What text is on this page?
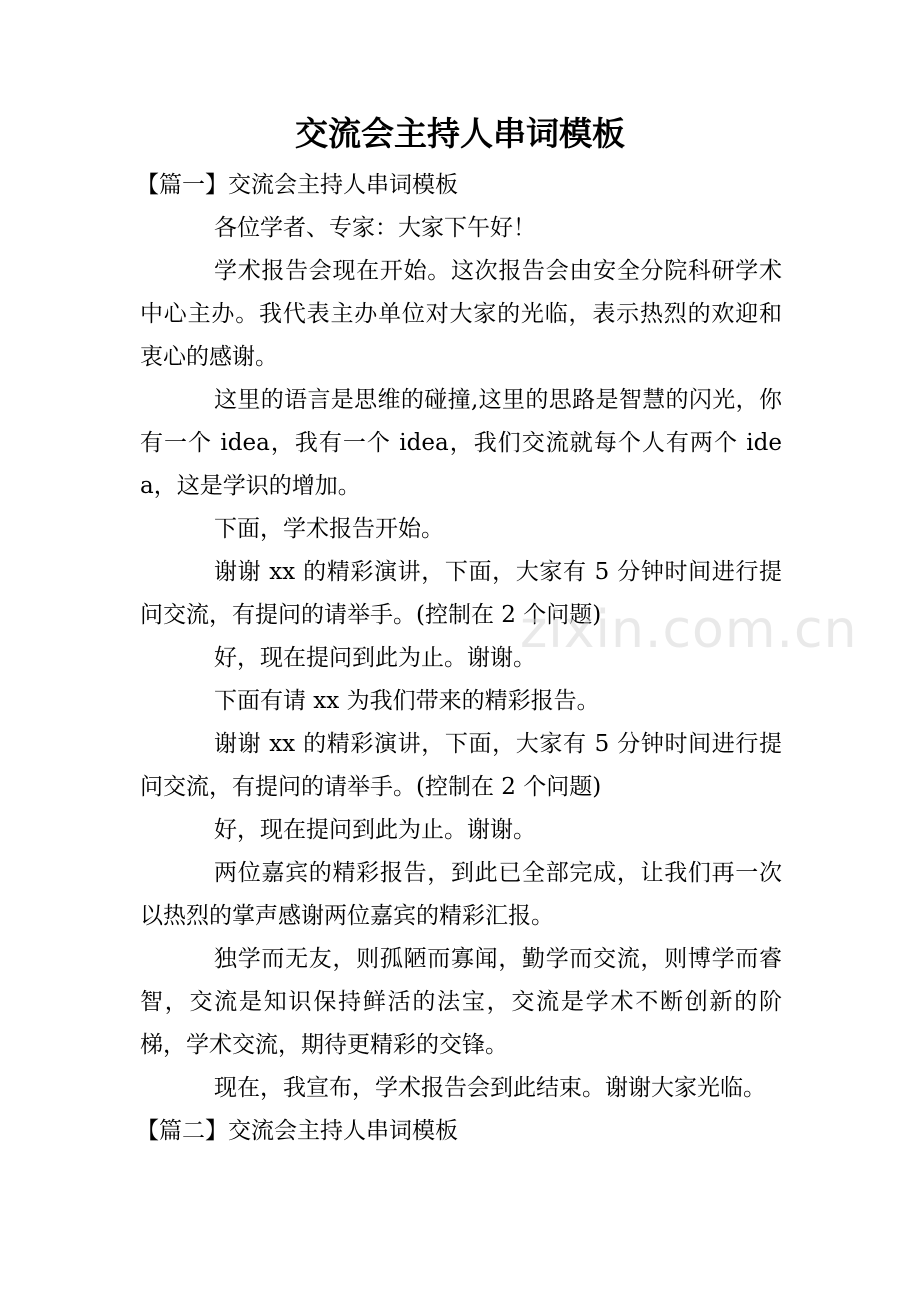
交流会主持人串词模板

【篇一】交流会主持人串词模板

各位学者、专家：大家下午好！

学术报告会现在开始。这次报告会由安全分院科研学术中心主办。我代表主办单位对大家的光临，表示热烈的欢迎和衷心的感谢。

这里的语言是思维的碰撞,这里的思路是智慧的闪光，你有一个 idea，我有一个 idea，我们交流就每个人有两个 idea，这是学识的增加。

下面，学术报告开始。

谢谢 xx 的精彩演讲，下面，大家有 5 分钟时间进行提问交流，有提问的请举手。(控制在 2 个问题)

好，现在提问到此为止。谢谢。

下面有请 xx 为我们带来的精彩报告。

谢谢 xx 的精彩演讲，下面，大家有 5 分钟时间进行提问交流，有提问的请举手。(控制在 2 个问题)

好，现在提问到此为止。谢谢。

两位嘉宾的精彩报告，到此已全部完成，让我们再一次以热烈的掌声感谢两位嘉宾的精彩汇报。

独学而无友，则孤陋而寡闻，勤学而交流，则博学而睿智，交流是知识保持鲜活的法宝，交流是学术不断创新的阶梯，学术交流，期待更精彩的交锋。

现在，我宣布，学术报告会到此结束。谢谢大家光临。

【篇二】交流会主持人串词模板

zixin.com.cn
